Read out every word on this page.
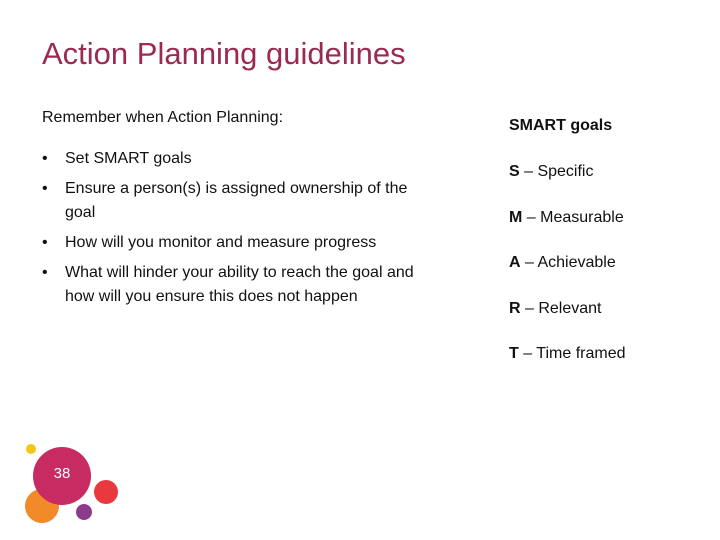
Action Planning guidelines

Remember when Action Planning:

• Set SMART goals
• Ensure a person(s) is assigned ownership of the goal
• How will you monitor and measure progress
• What will hinder your ability to reach the goal and how will you ensure this does not happen
SMART goals
S – Specific
M – Measurable
A – Achievable
R – Relevant
T – Time framed
38
